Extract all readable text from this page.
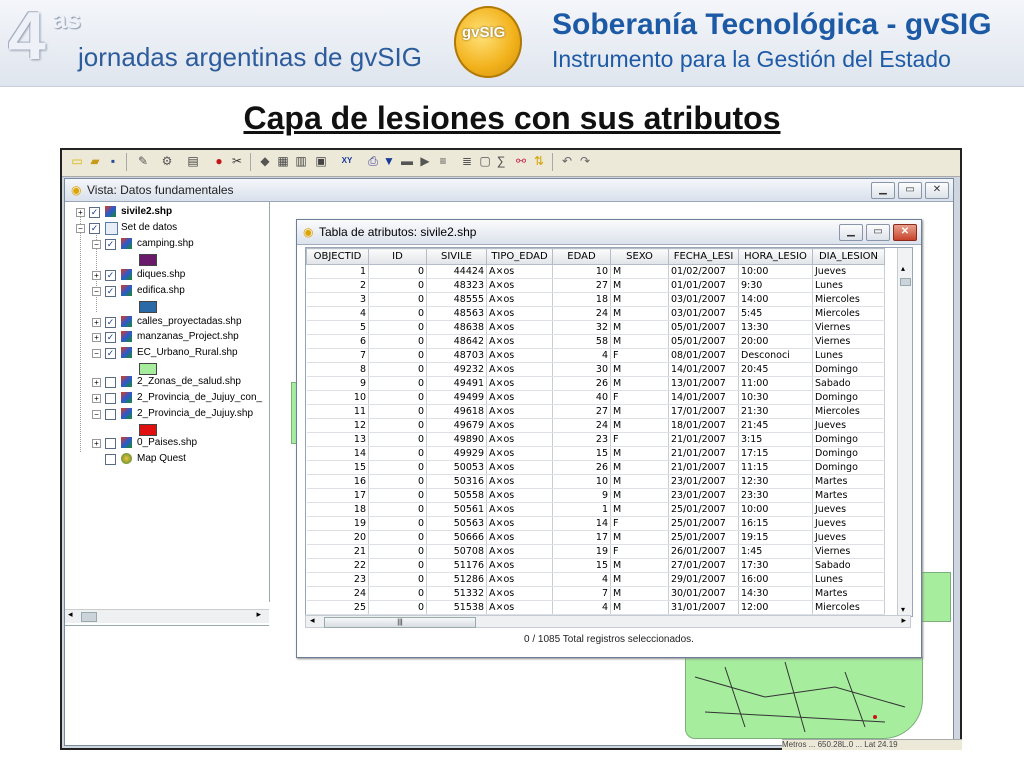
4 as
jornadas argentinas de gvSIG
gvSIG Soberanía Tecnológica - gvSIG
Instrumento para la Gestión del Estado
Capa de lesiones con sus atributos
▭ ▰ ▪	✎ ⚙ ▤ ● ✂ ◆ ▦ ▥ ▣ XY ⎙ ▼ ▬ ▶ ≡ ≣ ▢ ∑ ⚯ ⇅ ↶ ↷
◉ Vista: Datos fundamentales	▁	▭	✕
+ ✓ sivile2.shp
− ✓ Set de datos
− ✓ camping.shp
+ ✓ diques.shp
− ✓ edifica.shp
+ ✓ calles_proyectadas.shp
+ ✓ manzanas_Project.shp
− ✓ EC_Urbano_Rural.shp
+	2_Zonas_de_salud.shp
+	2_Provincia_de_Jujuy_con_
−	2_Provincia_de_Jujuy.shp
+	0_Paises.shp
Map Quest
◂	▸
Metros ... 650.28L.0 ... Lat 24.19
◉ Tabla de atributos: sivile2.shp	▁	▭	✕
OBJECTID	ID	SIVILE	TIPO_EDAD	EDAD	SEXO	FECHA_LESI	HORA_LESIO	DIA_LESION
1	0	44424	A×os	10	M	01/02/2007	10:00	Jueves
2	0	48323	A×os	27	M	01/01/2007	9:30	Lunes
3	0	48555	A×os	18	M	03/01/2007	14:00	Miercoles
4	0	48563	A×os	24	M	03/01/2007	5:45	Miercoles
5	0	48638	A×os	32	M	05/01/2007	13:30	Viernes
6	0	48642	A×os	58	M	05/01/2007	20:00	Viernes
7	0	48703	A×os	4	F	08/01/2007	Desconoci	Lunes
8	0	49232	A×os	30	M	14/01/2007	20:45	Domingo
9	0	49491	A×os	26	M	13/01/2007	11:00	Sabado
10	0	49499	A×os	40	F	14/01/2007	10:30	Domingo
11	0	49618	A×os	27	M	17/01/2007	21:30	Miercoles
12	0	49679	A×os	24	M	18/01/2007	21:45	Jueves
13	0	49890	A×os	23	F	21/01/2007	3:15	Domingo
14	0	49929	A×os	15	M	21/01/2007	17:15	Domingo
15	0	50053	A×os	26	M	21/01/2007	11:15	Domingo
16	0	50316	A×os	10	M	23/01/2007	12:30	Martes
17	0	50558	A×os	9	M	23/01/2007	23:30	Martes
18	0	50561	A×os	1	M	25/01/2007	10:00	Jueves
19	0	50563	A×os	14	F	25/01/2007	16:15	Jueves
20	0	50666	A×os	17	M	25/01/2007	19:15	Jueves
21	0	50708	A×os	19	F	26/01/2007	1:45	Viernes
22	0	51176	A×os	15	M	27/01/2007	17:30	Sabado
23	0	51286	A×os	4	M	29/01/2007	16:00	Lunes
24	0	51332	A×os	7	M	30/01/2007	14:30	Martes
25	0	51538	A×os	4	M	31/01/2007	12:00	Miercoles
▴
▾
◂	|||	▸
0 / 1085 Total registros seleccionados.
